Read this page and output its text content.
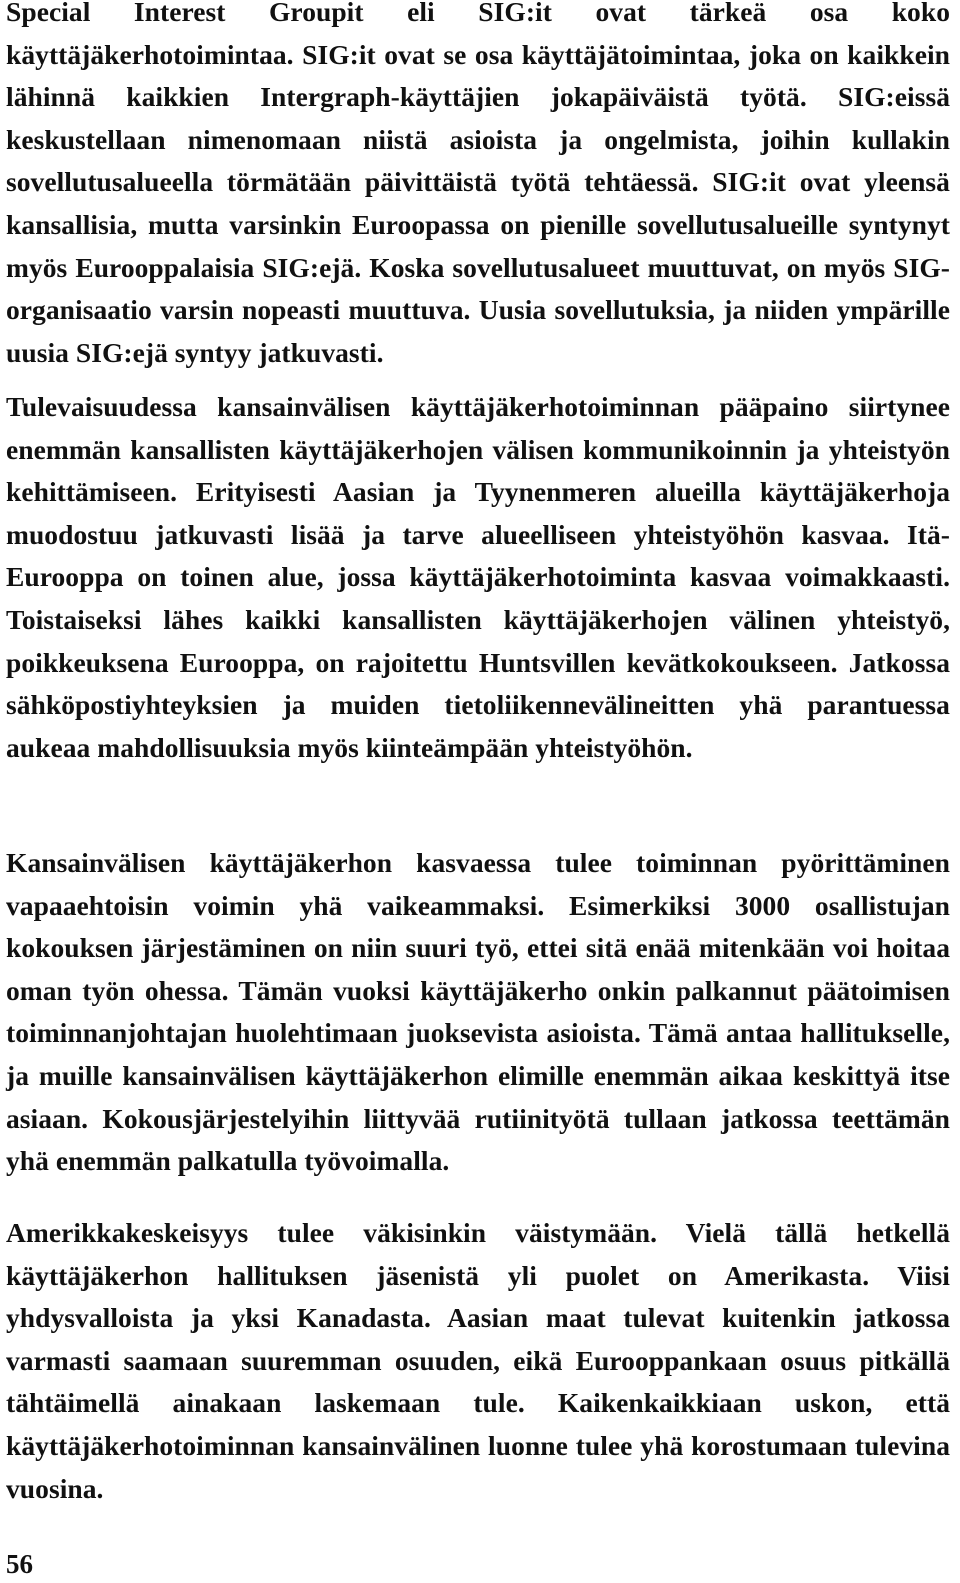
Special Interest Groupit eli SIG:it ovat tärkeä osa koko käyttäjäkerhotoimintaa. SIG:it ovat se osa käyttäjätoimintaa, joka on kaikkein lähinnä kaikkien Intergraph-käyttäjien jokapäiväistä työtä. SIG:eissä keskustellaan nimenomaan niistä asioista ja ongelmista, joihin kullakin sovellutusalueella törmätään päivittäistä työtä tehtäessä. SIG:it ovat yleensä kansallisia, mutta varsinkin Euroopassa on pienille sovellutusalueille syntynyt myös Eurooppalaisia SIG:ejä. Koska sovellutusalueet muuttuvat, on myös SIG-organisaatio varsin nopeasti muuttuva. Uusia sovellutuksia, ja niiden ympärille uusia SIG:ejä syntyy jatkuvasti.

Tulevaisuudessa kansainvälisen käyttäjäkerhotoiminnan pääpaino siirtynee enemmän kansallisten käyttäjäkerhojen välisen kommunikoinnin ja yhteistyön kehittämiseen. Erityisesti Aasian ja Tyynenmeren alueilla käyttäjäkerhoja muodostuu jatkuvasti lisää ja tarve alueelliseen yhteistyöhön kasvaa. Itä-Eurooppa on toinen alue, jossa käyttäjäkerhotoiminta kasvaa voimakkaasti. Toistaiseksi lähes kaikki kansallisten käyttäjäkerhojen välinen yhteistyö, poikkeuksena Eurooppa, on rajoitettu Huntsvillen kevätkokoukseen. Jatkossa sähköpostiyhteyksien ja muiden tietoliikennevälineitten yhä parantuessa aukeaa mahdollisuuksia myös kiinteämpään yhteistyöhön.

Kansainvälisen käyttäjäkerhon kasvaessa tulee toiminnan pyörittäminen vapaaehtoisin voimin yhä vaikeammaksi. Esimerkiksi 3000 osallistujan kokouksen järjestäminen on niin suuri työ, ettei sitä enää mitenkään voi hoitaa oman työn ohessa. Tämän vuoksi käyttäjäkerho onkin palkannut päätoimisen toiminnanjohtajan huolehtimaan juoksevista asioista. Tämä antaa hallitukselle, ja muille kansainvälisen käyttäjäkerhon elimille enemmän aikaa keskittyä itse asiaan. Kokousjärjestelyihin liittyvää rutiinityötä tullaan jatkossa teettämän yhä enemmän palkatulla työvoimalla.

Amerikkakeskeisyys tulee väkisinkin väistymään. Vielä tällä hetkellä käyttäjäkerhon hallituksen jäsenistä yli puolet on Amerikasta. Viisi yhdysvalloista ja yksi Kanadasta. Aasian maat tulevat kuitenkin jatkossa varmasti saamaan suuremman osuuden, eikä Eurooppankaan osuus pitkällä tähtäimellä ainakaan laskemaan tule. Kaikenkaikkiaan uskon, että käyttäjäkerhotoiminnan kansainvälinen luonne tulee yhä korostumaan tulevina vuosina.

56
